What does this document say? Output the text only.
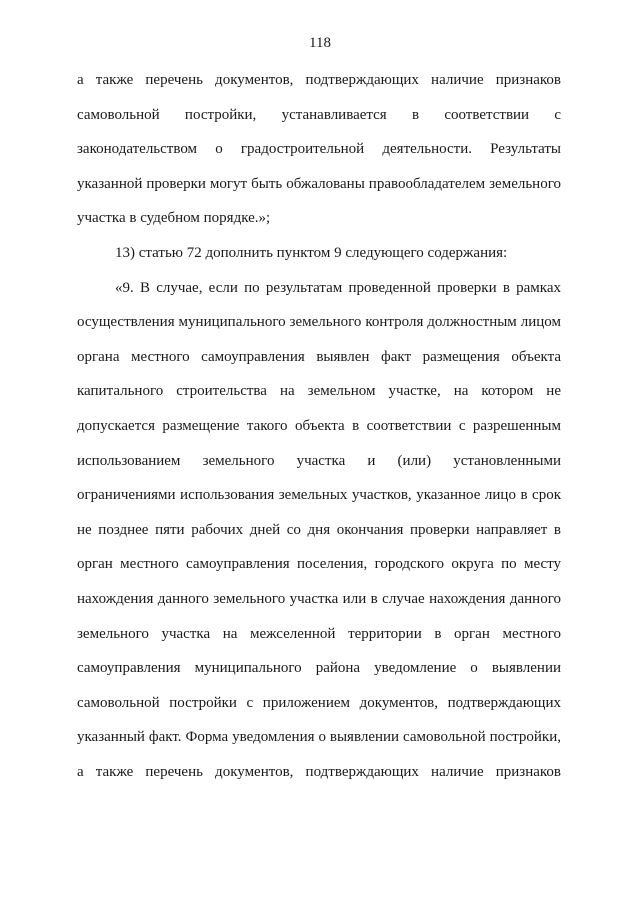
118
а также перечень документов, подтверждающих наличие признаков
самовольной постройки, устанавливается в соответствии с
законодательством о градостроительной деятельности. Результаты
указанной проверки могут быть обжалованы правообладателем земельного
участка в судебном порядке.»;
13) статью 72 дополнить пунктом 9 следующего содержания:
«9. В случае, если по результатам проведенной проверки в рамках
осуществления муниципального земельного контроля должностным лицом
органа местного самоуправления выявлен факт размещения объекта
капитального строительства на земельном участке, на котором не
допускается размещение такого объекта в соответствии с разрешенным
использованием земельного участка и (или) установленными
ограничениями использования земельных участков, указанное лицо в срок
не позднее пяти рабочих дней со дня окончания проверки направляет в
орган местного самоуправления поселения, городского округа по месту
нахождения данного земельного участка или в случае нахождения данного
земельного участка на межселенной территории в орган местного
самоуправления муниципального района уведомление о выявлении
самовольной постройки с приложением документов, подтверждающих
указанный факт. Форма уведомления о выявлении самовольной постройки,
а также перечень документов, подтверждающих наличие признаков
